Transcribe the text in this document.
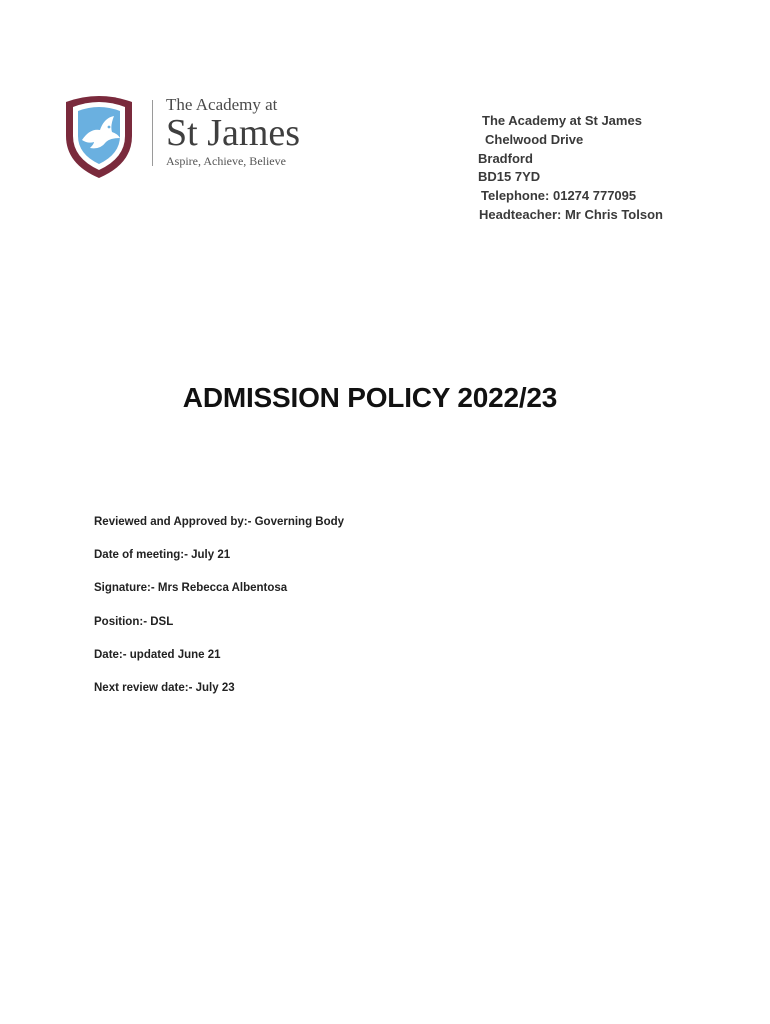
The Academy at
St James
Aspire, Achieve, Believe
The Academy at St James
Chelwood Drive
Bradford
BD15 7YD
Telephone: 01274 777095
Headteacher: Mr Chris Tolson
ADMISSION POLICY 2022/23
Reviewed and Approved by:- Governing Body
Date of meeting:- July 21
Signature:- Mrs Rebecca Albentosa
Position:- DSL
Date:- updated June 21
Next review date:- July 23
